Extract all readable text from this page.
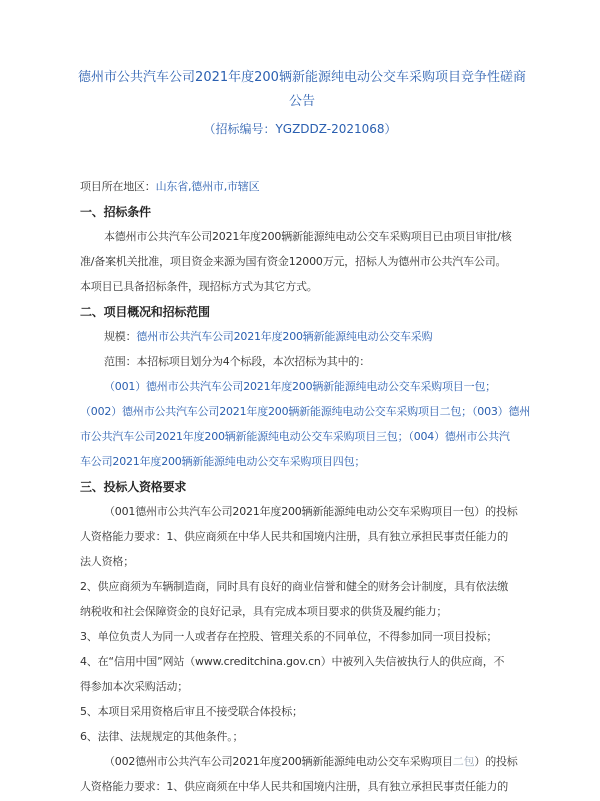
德州市公共汽车公司2021年度200辆新能源纯电动公交车采购项目竞争性磋商
公告
（招标编号：YGZDDZ-2021068）
项目所在地区：山东省,德州市,市辖区
一、招标条件
本德州市公共汽车公司2021年度200辆新能源纯电动公交车采购项目已由项目审批/核
准/备案机关批准，项目资金来源为国有资金12000万元，招标人为德州市公共汽车公司。
本项目已具备招标条件，现招标方式为其它方式。
二、项目概况和招标范围
规模：德州市公共汽车公司2021年度200辆新能源纯电动公交车采购
范围：本招标项目划分为4个标段，本次招标为其中的：
（001）德州市公共汽车公司2021年度200辆新能源纯电动公交车采购项目一包；
（002）德州市公共汽车公司2021年度200辆新能源纯电动公交车采购项目二包；（003）德州
市公共汽车公司2021年度200辆新能源纯电动公交车采购项目三包；（004）德州市公共汽
车公司2021年度200辆新能源纯电动公交车采购项目四包；
三、投标人资格要求
（001德州市公共汽车公司2021年度200辆新能源纯电动公交车采购项目一包）的投标
人资格能力要求：1、供应商须在中华人民共和国境内注册，具有独立承担民事责任能力的
法人资格；
2、供应商须为车辆制造商，同时具有良好的商业信誉和健全的财务会计制度，具有依法缴
纳税收和社会保障资金的良好记录，具有完成本项目要求的供货及履约能力；
3、单位负责人为同一人或者存在控股、管理关系的不同单位，不得参加同一项目投标；
4、在“信用中国”网站（www.creditchina.gov.cn）中被列入失信被执行人的供应商，不
得参加本次采购活动；
5、本项目采用资格后审且不接受联合体投标；
6、法律、法规规定的其他条件。；
（002德州市公共汽车公司2021年度200辆新能源纯电动公交车采购项目二包）的投标
人资格能力要求：1、供应商须在中华人民共和国境内注册，具有独立承担民事责任能力的
